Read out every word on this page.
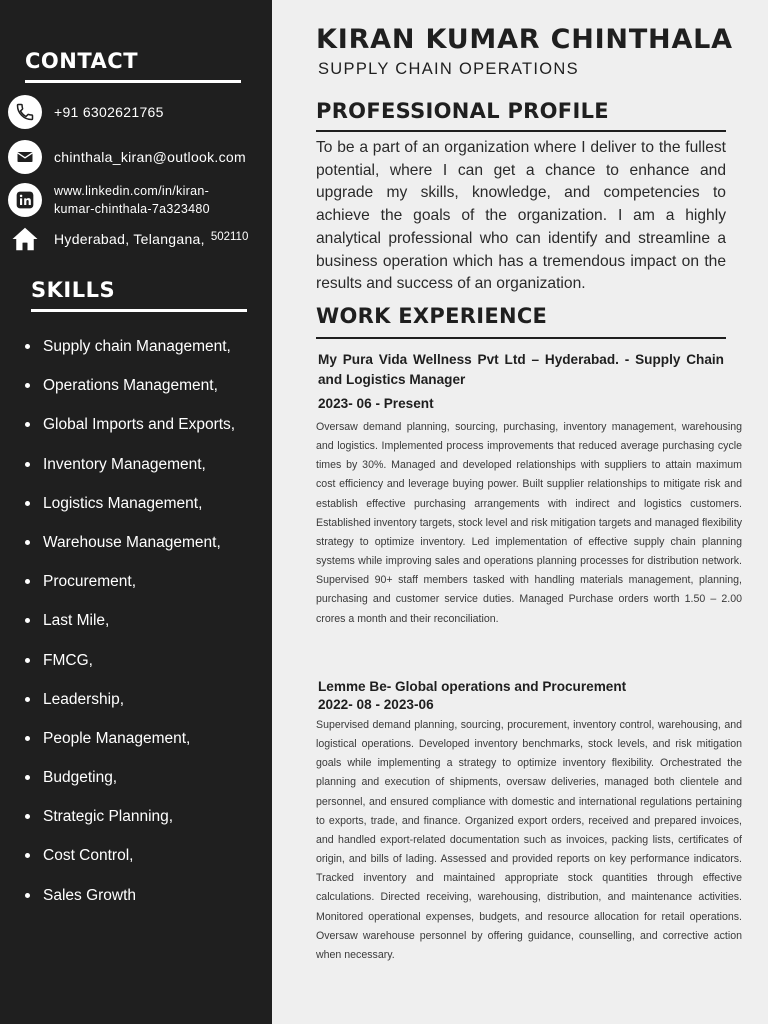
CONTACT
+91 6302621765
chinthala_kiran@outlook.com
www.linkedin.com/in/kiran-
kumar-chinthala-7a323480
Hyderabad, Telangana, 502110
SKILLS
Supply chain Management,
Operations Management,
Global Imports and Exports,
Inventory Management,
Logistics Management,
Warehouse Management,
Procurement,
Last Mile,
FMCG,
Leadership,
People Management,
Budgeting,
Strategic Planning,
Cost Control,
Sales Growth
KIRAN KUMAR CHINTHALA
SUPPLY CHAIN OPERATIONS
PROFESSIONAL PROFILE
To be a part of an organization where I deliver to the fullest potential, where I can get a chance to enhance and upgrade my skills, knowledge, and competencies to achieve the goals of the organization. I am a highly analytical professional who can identify and streamline a business operation which has a tremendous impact on the results and success of an organization.
WORK EXPERIENCE
My Pura Vida Wellness Pvt Ltd – Hyderabad. - Supply Chain and Logistics Manager
2023- 06 - Present
Oversaw demand planning, sourcing, purchasing, inventory management, warehousing and logistics. Implemented process improvements that reduced average purchasing cycle times by 30%. Managed and developed relationships with suppliers to attain maximum cost efficiency and leverage buying power. Built supplier relationships to mitigate risk and establish effective purchasing arrangements with indirect and logistics customers. Established inventory targets, stock level and risk mitigation targets and managed flexibility strategy to optimize inventory. Led implementation of effective supply chain planning systems while improving sales and operations planning processes for distribution network. Supervised 90+ staff members tasked with handling materials management, planning, purchasing and customer service duties. Managed Purchase orders worth 1.50 – 2.00 crores a month and their reconciliation.
Lemme Be- Global operations and Procurement
2022- 08 - 2023-06
Supervised demand planning, sourcing, procurement, inventory control, warehousing, and logistical operations. Developed inventory benchmarks, stock levels, and risk mitigation goals while implementing a strategy to optimize inventory flexibility. Orchestrated the planning and execution of shipments, oversaw deliveries, managed both clientele and personnel, and ensured compliance with domestic and international regulations pertaining to exports, trade, and finance. Organized export orders, received and prepared invoices, and handled export-related documentation such as invoices, packing lists, certificates of origin, and bills of lading. Assessed and provided reports on key performance indicators. Tracked inventory and maintained appropriate stock quantities through effective calculations. Directed receiving, warehousing, distribution, and maintenance activities. Monitored operational expenses, budgets, and resource allocation for retail operations. Oversaw warehouse personnel by offering guidance, counselling, and corrective action when necessary.
